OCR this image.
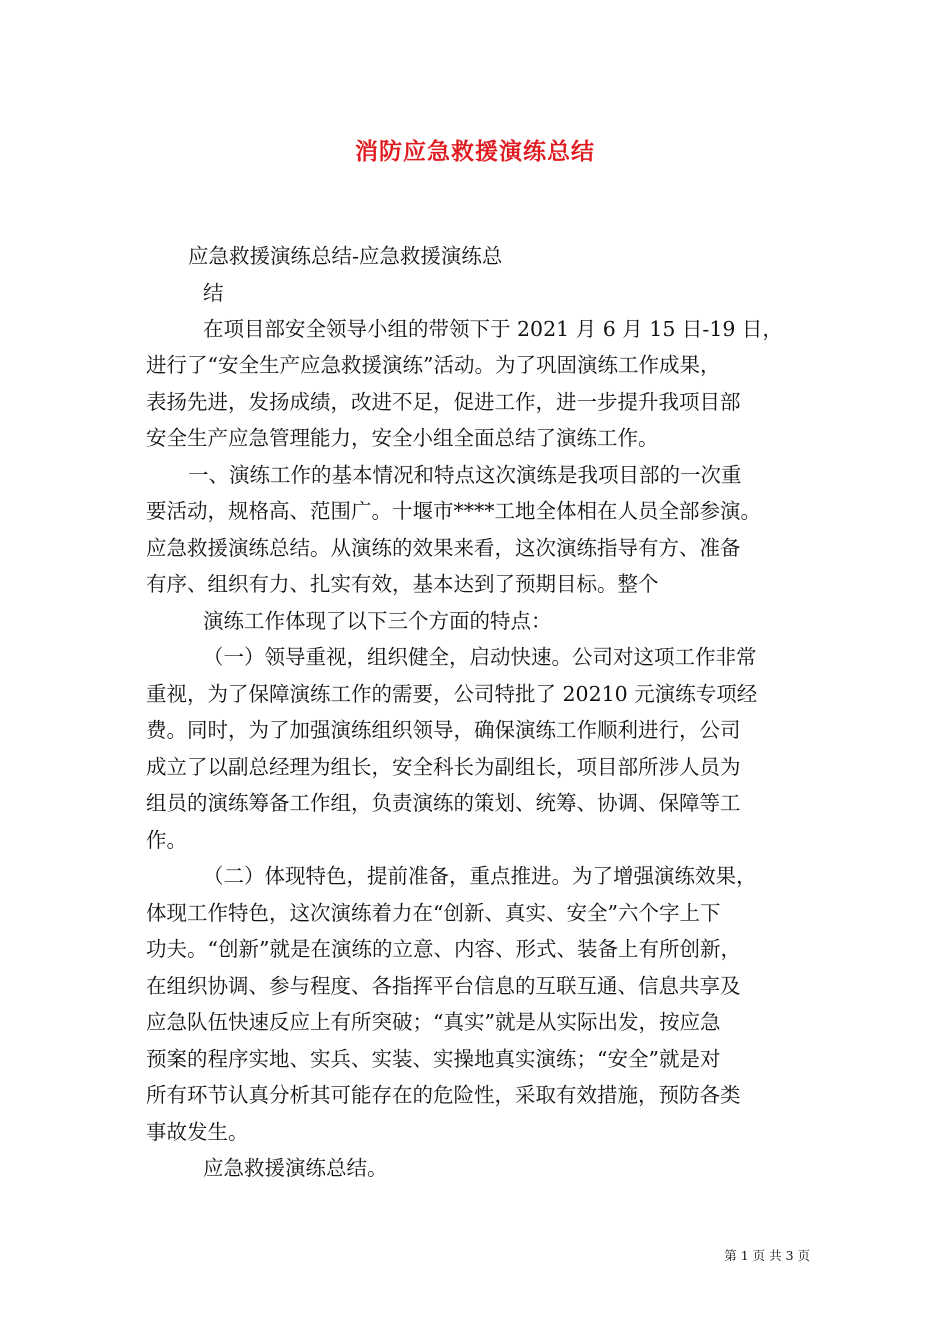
消防应急救援演练总结
应急救援演练总结-应急救援演练总
结
在项目部安全领导小组的带领下于 2021 月 6 月 15 日-19 日，
进行了“安全生产应急救援演练”活动。为了巩固演练工作成果，
表扬先进，发扬成绩，改进不足，促进工作，进一步提升我项目部
安全生产应急管理能力，安全小组全面总结了演练工作。
一、演练工作的基本情况和特点这次演练是我项目部的一次重
要活动，规格高、范围广。十堰市****工地全体相在人员全部参演。
应急救援演练总结。从演练的效果来看，这次演练指导有方、准备
有序、组织有力、扎实有效，基本达到了预期目标。整个
演练工作体现了以下三个方面的特点：
（一）领导重视，组织健全，启动快速。公司对这项工作非常
重视，为了保障演练工作的需要，公司特批了 20210 元演练专项经
费。同时，为了加强演练组织领导，确保演练工作顺利进行，公司
成立了以副总经理为组长，安全科长为副组长，项目部所涉人员为
组员的演练筹备工作组，负责演练的策划、统筹、协调、保障等工
作。
（二）体现特色，提前准备，重点推进。为了增强演练效果，
体现工作特色，这次演练着力在“创新、真实、安全”六个字上下
功夫。“创新”就是在演练的立意、内容、形式、装备上有所创新，
在组织协调、参与程度、各指挥平台信息的互联互通、信息共享及
应急队伍快速反应上有所突破；“真实”就是从实际出发，按应急
预案的程序实地、实兵、实装、实操地真实演练；“安全”就是对
所有环节认真分析其可能存在的危险性，采取有效措施，预防各类
事故发生。
应急救援演练总结。
第 1 页 共 3 页
